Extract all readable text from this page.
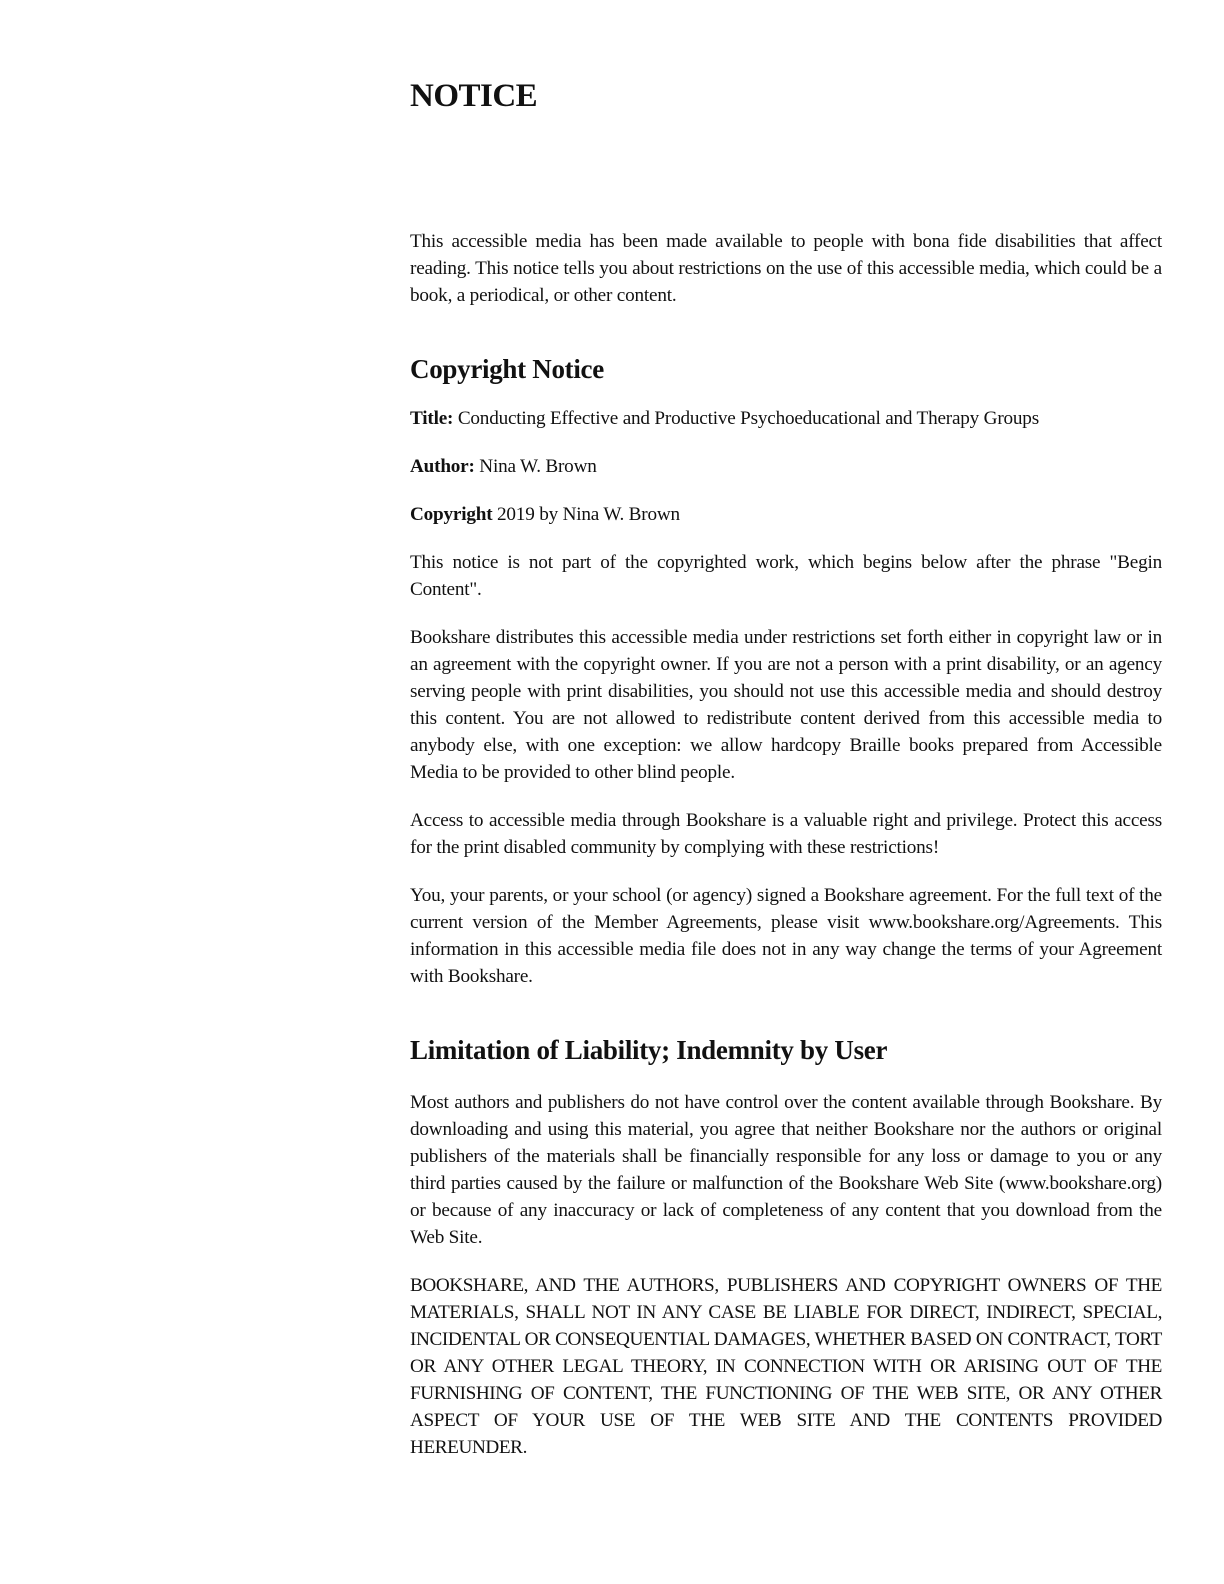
NOTICE

This accessible media has been made available to people with bona fide disabilities that affect reading. This notice tells you about restrictions on the use of this accessible media, which could be a book, a periodical, or other content.

Copyright Notice

Title: Conducting Effective and Productive Psychoeducational and Therapy Groups

Author: Nina W. Brown

Copyright 2019 by Nina W. Brown

This notice is not part of the copyrighted work, which begins below after the phrase "Begin Content".

Bookshare distributes this accessible media under restrictions set forth either in copyright law or in an agreement with the copyright owner. If you are not a person with a print disability, or an agency serving people with print disabilities, you should not use this accessible media and should destroy this content. You are not allowed to redistribute content derived from this accessible media to anybody else, with one exception: we allow hardcopy Braille books prepared from Accessible Media to be provided to other blind people.

Access to accessible media through Bookshare is a valuable right and privilege. Protect this access for the print disabled community by complying with these restrictions!

You, your parents, or your school (or agency) signed a Bookshare agreement. For the full text of the current version of the Member Agreements, please visit www.bookshare.org/Agreements. This information in this accessible media file does not in any way change the terms of your Agreement with Bookshare.

Limitation of Liability; Indemnity by User

Most authors and publishers do not have control over the content available through Bookshare. By downloading and using this material, you agree that neither Bookshare nor the authors or original publishers of the materials shall be financially responsible for any loss or damage to you or any third parties caused by the failure or malfunction of the Bookshare Web Site (www.bookshare.org) or because of any inaccuracy or lack of completeness of any content that you download from the Web Site.

BOOKSHARE, AND THE AUTHORS, PUBLISHERS AND COPYRIGHT OWNERS OF THE MATERIALS, SHALL NOT IN ANY CASE BE LIABLE FOR DIRECT, INDIRECT, SPECIAL, INCIDENTAL OR CONSEQUENTIAL DAMAGES, WHETHER BASED ON CONTRACT, TORT OR ANY OTHER LEGAL THEORY, IN CONNECTION WITH OR ARISING OUT OF THE FURNISHING OF CONTENT, THE FUNCTIONING OF THE WEB SITE, OR ANY OTHER ASPECT OF YOUR USE OF THE WEB SITE AND THE CONTENTS PROVIDED HEREUNDER.
